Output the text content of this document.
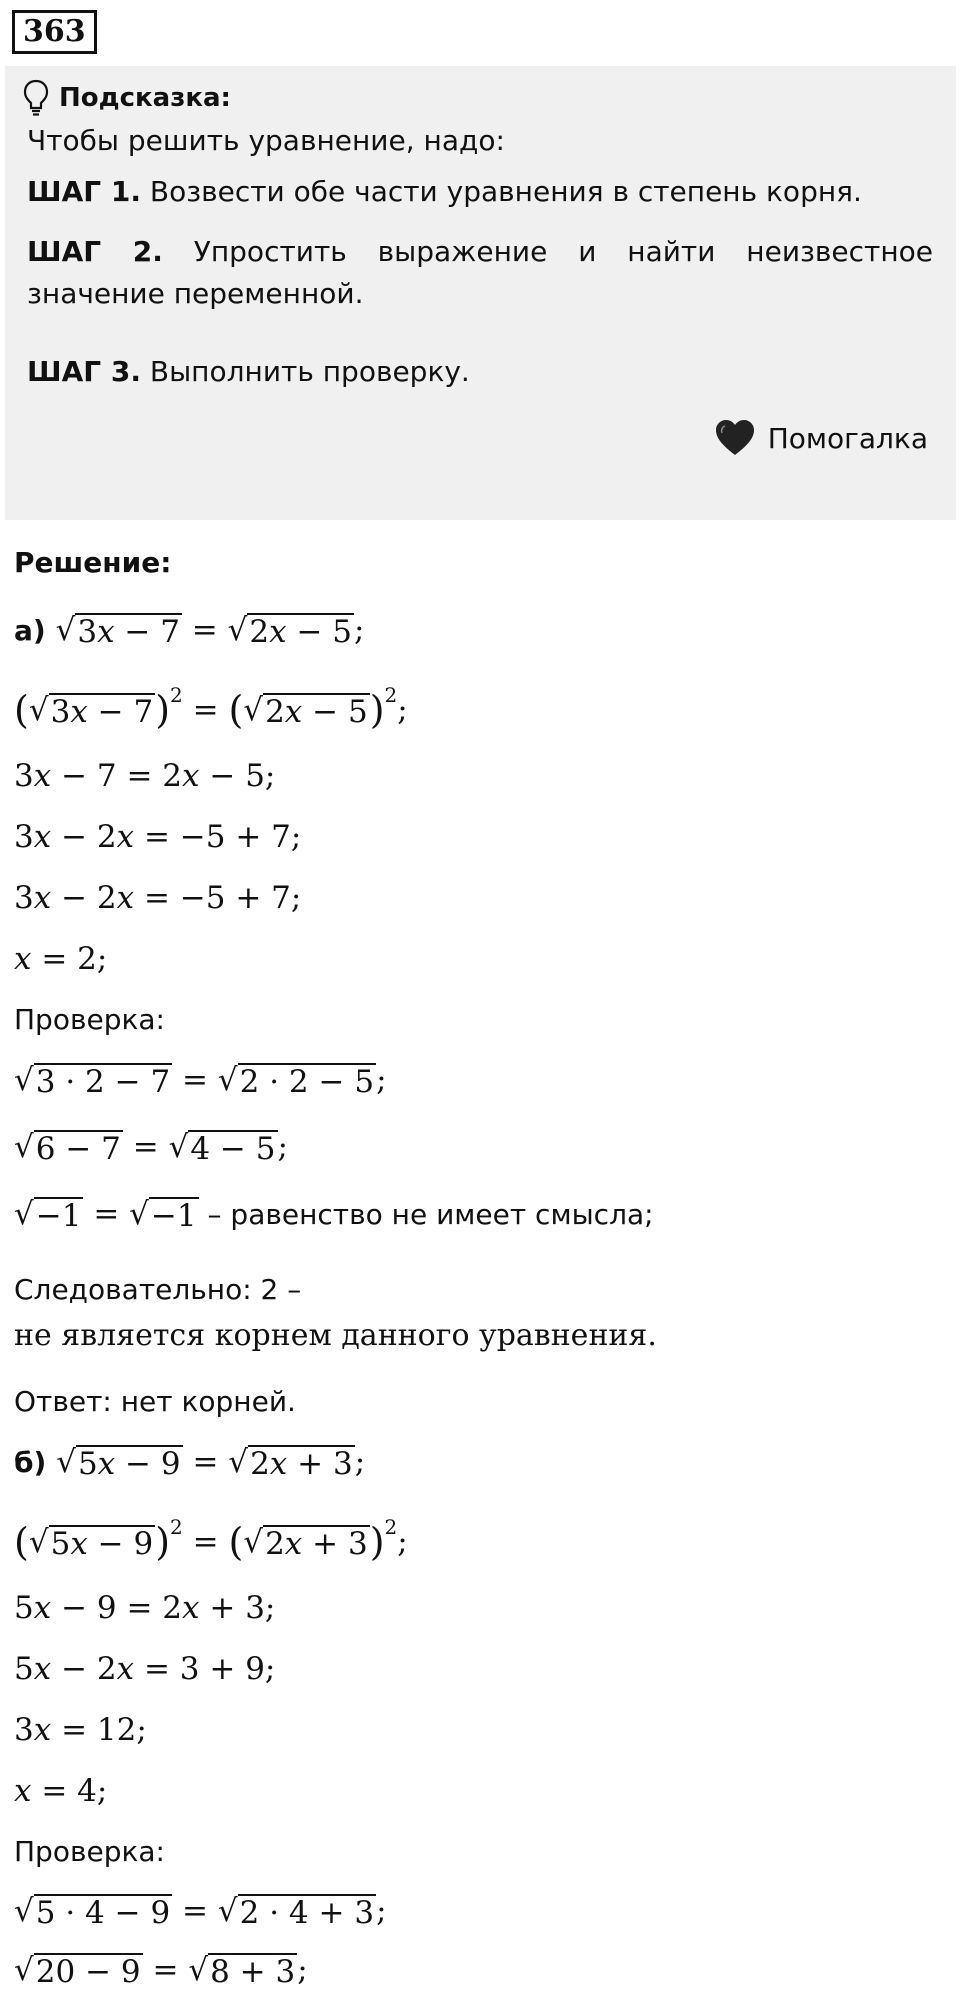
363
Подсказка:
Чтобы решить уравнение, надо:
ШАГ 1. Возвести обе части уравнения в степень корня.
ШАГ 2. Упростить выражение и найти неизвестное значение переменной.
ШАГ 3. Выполнить проверку.
Помогалка
Решение:
а) √ 3x − 7 = √ 2x − 5 ;
( √ 3x − 7 )$^2$ = ( √ 2x − 5 )$^2$;
3x − 7 = 2x − 5;
3x − 2x = −5 + 7;
3x − 2x = −5 + 7;
x = 2;
Проверка:
√ 3 · 2 − 7 = √ 2 · 2 − 5 ;
√ 6 − 7 = √ 4 − 5 ;
√ −1 = √ −1 – равенство не имеет смысла;
Следовательно: 2 –
не является корнем данного уравнения.
Ответ: нет корней.
б) √ 5x − 9 = √ 2x + 3 ;
( √ 5x − 9 )$^2$ = ( √ 2x + 3 )$^2$;
5x − 9 = 2x + 3;
5x − 2x = 3 + 9;
3x = 12;
x = 4;
Проверка:
√ 5 · 4 − 9 = √ 2 · 4 + 3 ;
√ 20 − 9 = √ 8 + 3 ;
